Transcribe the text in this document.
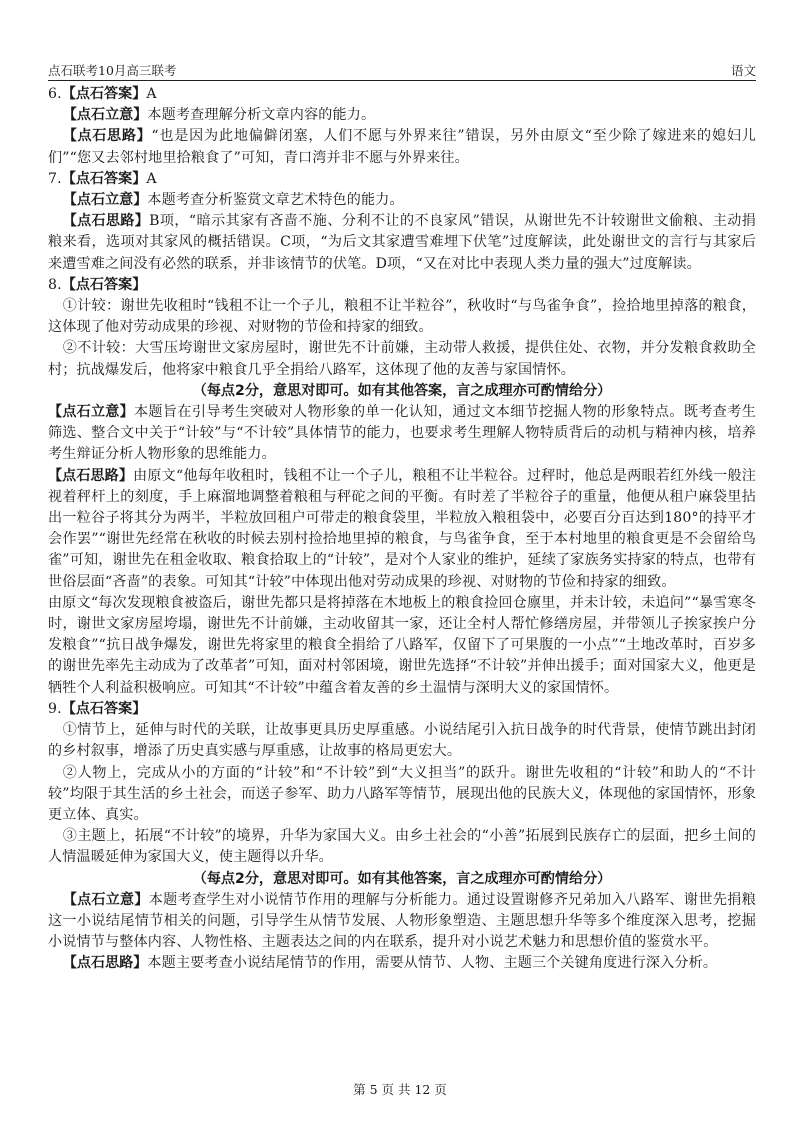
点石联考10月高三联考	语文

6.【点石答案】A

【点石立意】本题考查理解分析文章内容的能力。

【点石思路】“也是因为此地偏僻闭塞，人们不愿与外界来往”错误，另外由原文“至少除了嫁进来的媳妇儿们”“您又去邻村地里拾粮食了”可知，青口湾并非不愿与外界来往。

7.【点石答案】A

【点石立意】本题考查分析鉴赏文章艺术特色的能力。

【点石思路】B项，“暗示其家有吝啬不施、分利不让的不良家风”错误，从谢世先不计较谢世文偷粮、主动捐粮来看，选项对其家风的概括错误。C项，“为后文其家遭雪难埋下伏笔”过度解读，此处谢世文的言行与其家后来遭雪难之间没有必然的联系，并非该情节的伏笔。D项，“又在对比中表现人类力量的强大”过度解读。

8.【点石答案】

①计较：谢世先收租时“钱租不让一个子儿，粮租不让半粒谷”，秋收时“与鸟雀争食”，捡拾地里掉落的粮食，这体现了他对劳动成果的珍视、对财物的节俭和持家的细致。

②不计较：大雪压垮谢世文家房屋时，谢世先不计前嫌，主动带人救援，提供住处、衣物，并分发粮食救助全村；抗战爆发后，他将家中粮食几乎全捐给八路军，这体现了他的友善与家国情怀。

（每点2分，意思对即可。如有其他答案，言之成理亦可酌情给分）

【点石立意】本题旨在引导考生突破对人物形象的单一化认知，通过文本细节挖掘人物的形象特点。既考查考生筛选、整合文中关于“计较”与“不计较”具体情节的能力，也要求考生理解人物特质背后的动机与精神内核，培养考生辩证分析人物形象的思维能力。

【点石思路】由原文“他每年收租时，钱租不让一个子儿，粮租不让半粒谷。过秤时，他总是两眼若红外线一般注视着秤杆上的刻度，手上麻溜地调整着粮租与秤砣之间的平衡。有时差了半粒谷子的重量，他便从租户麻袋里拈出一粒谷子将其分为两半，半粒放回租户可带走的粮食袋里，半粒放入粮租袋中，必要百分百达到180°的持平才会作罢”“谢世先经常在秋收的时候去别村捡拾地里掉的粮食，与鸟雀争食，至于本村地里的粮食更是不会留给鸟雀”可知，谢世先在租金收取、粮食拾取上的“计较”，是对个人家业的维护，延续了家族务实持家的特点，也带有世俗层面“吝啬”的表象。可知其“计较”中体现出他对劳动成果的珍视、对财物的节俭和持家的细致。

由原文“每次发现粮食被盗后，谢世先都只是将掉落在木地板上的粮食捡回仓廪里，并未计较，未追问”“暴雪寒冬时，谢世文家房屋垮塌，谢世先不计前嫌，主动收留其一家，还让全村人帮忙修缮房屋，并带领儿子挨家挨户分发粮食”“抗日战争爆发，谢世先将家里的粮食全捐给了八路军，仅留下了可果腹的一小点”“土地改革时，百岁多的谢世先率先主动成为了改革者”可知，面对村邻困境，谢世先选择“不计较”并伸出援手；面对国家大义，他更是牺牲个人利益积极响应。可知其“不计较”中蕴含着友善的乡土温情与深明大义的家国情怀。

9.【点石答案】

①情节上，延伸与时代的关联，让故事更具历史厚重感。小说结尾引入抗日战争的时代背景，使情节跳出封闭的乡村叙事，增添了历史真实感与厚重感，让故事的格局更宏大。

②人物上，完成从小的方面的“计较”和“不计较”到“大义担当”的跃升。谢世先收租的“计较”和助人的“不计较”均限于其生活的乡土社会，而送子参军、助力八路军等情节，展现出他的民族大义，体现他的家国情怀，形象更立体、真实。

③主题上，拓展“不计较”的境界，升华为家国大义。由乡土社会的“小善”拓展到民族存亡的层面，把乡土间的人情温暖延伸为家国大义，使主题得以升华。

（每点2分，意思对即可。如有其他答案，言之成理亦可酌情给分）

【点石立意】本题考查学生对小说情节作用的理解与分析能力。通过设置谢修齐兄弟加入八路军、谢世先捐粮这一小说结尾情节相关的问题，引导学生从情节发展、人物形象塑造、主题思想升华等多个维度深入思考，挖掘小说情节与整体内容、人物性格、主题表达之间的内在联系，提升对小说艺术魅力和思想价值的鉴赏水平。

【点石思路】本题主要考查小说结尾情节的作用，需要从情节、人物、主题三个关键角度进行深入分析。

第 5 页 共 12 页
